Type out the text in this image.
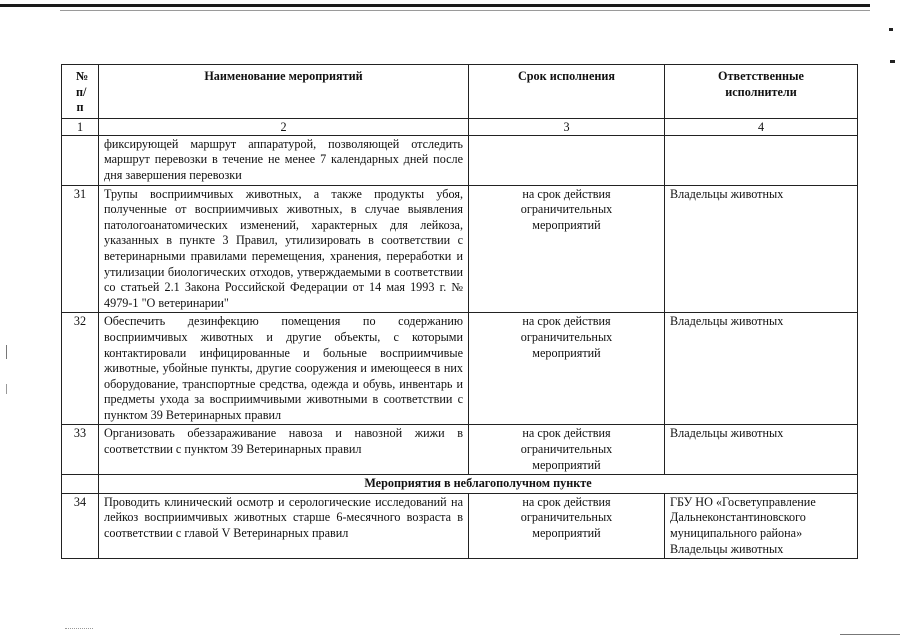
№ п/п	Наименование мероприятий	Срок исполнения	Ответственные исполнители
1	2	3	4
	фиксирующей маршрут аппаратурой, позволяющей отследить маршрут перевозки в течение не менее 7 календарных дней после дня завершения перевозки		
31	Трупы восприимчивых животных, а также продукты убоя, полученные от восприимчивых животных, в случае выявления патологоанатомических изменений, характерных для лейкоза, указанных в пункте 3 Правил, утилизировать в соответствии с ветеринарными правилами перемещения, хранения, переработки и утилизации биологических отходов, утверждаемыми в соответствии со статьей 2.1 Закона Российской Федерации от 14 мая 1993 г. № 4979-1 "О ветеринарии"	на срок действия ограничительных мероприятий	Владельцы животных
32	Обеспечить дезинфекцию помещения по содержанию восприимчивых животных и другие объекты, с которыми контактировали инфицированные и больные восприимчивые животные, убойные пункты, другие сооружения и имеющееся в них оборудование, транспортные средства, одежда и обувь, инвентарь и предметы ухода за восприимчивыми животными в соответствии с пунктом 39 Ветеринарных правил	на срок действия ограничительных мероприятий	Владельцы животных
33	Организовать обеззараживание навоза и навозной жижи в соответствии с пунктом 39 Ветеринарных правил	на срок действия ограничительных мероприятий	Владельцы животных
	Мероприятия в неблагополучном пункте		
34	Проводить клинический осмотр и серологические исследований на лейкоз восприимчивых животных старше 6-месячного возраста в соответствии с главой V Ветеринарных правил	на срок действия ограничительных мероприятий	ГБУ НО «Госветуправление Дальнеконстантиновского муниципального района» Владельцы животных
